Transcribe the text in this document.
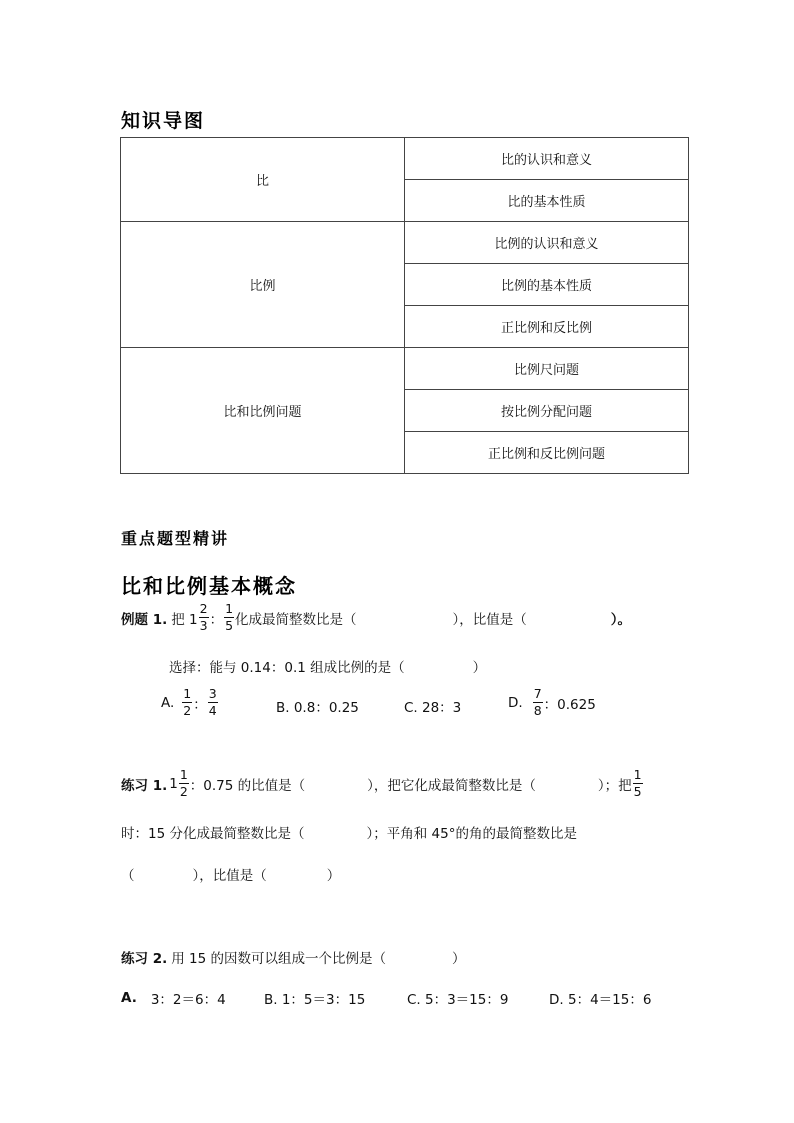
知识导图
比	比的认识和意义
	比的基本性质
比例	比例的认识和意义
	比例的基本性质
	正比例和反比例
比和比例问题	比例尺问题
	按比例分配问题
	正比例和反比例问题
重点题型精讲
比和比例基本概念
例题 1. 把 $1 \frac{2}{3}$ ： $\frac{1}{5}$ 化成最简整数比是（	），比值是（	）。
选择：能与 0.14：0.1 组成比例的是（	）
A. $\frac{1}{2}$ ： $\frac{3}{4}$	B. 0.8：0.25	C. 28：3	D. $\frac{7}{8}$ ：0.625
练习 1. $1 \frac{1}{2}$ ：0.75 的比值是（	），把它化成最简整数比是（	）；把 $\frac{1}{5}$
时：15 分化成最简整数比是（	）；平角和 45°的角的最简整数比是
（	），比值是（	）
练习 2. 用 15 的因数可以组成一个比例是（	）
A. 3：2＝6：4	B. 1：5＝3：15	C. 5：3＝15：9	D. 5：4＝15：6
